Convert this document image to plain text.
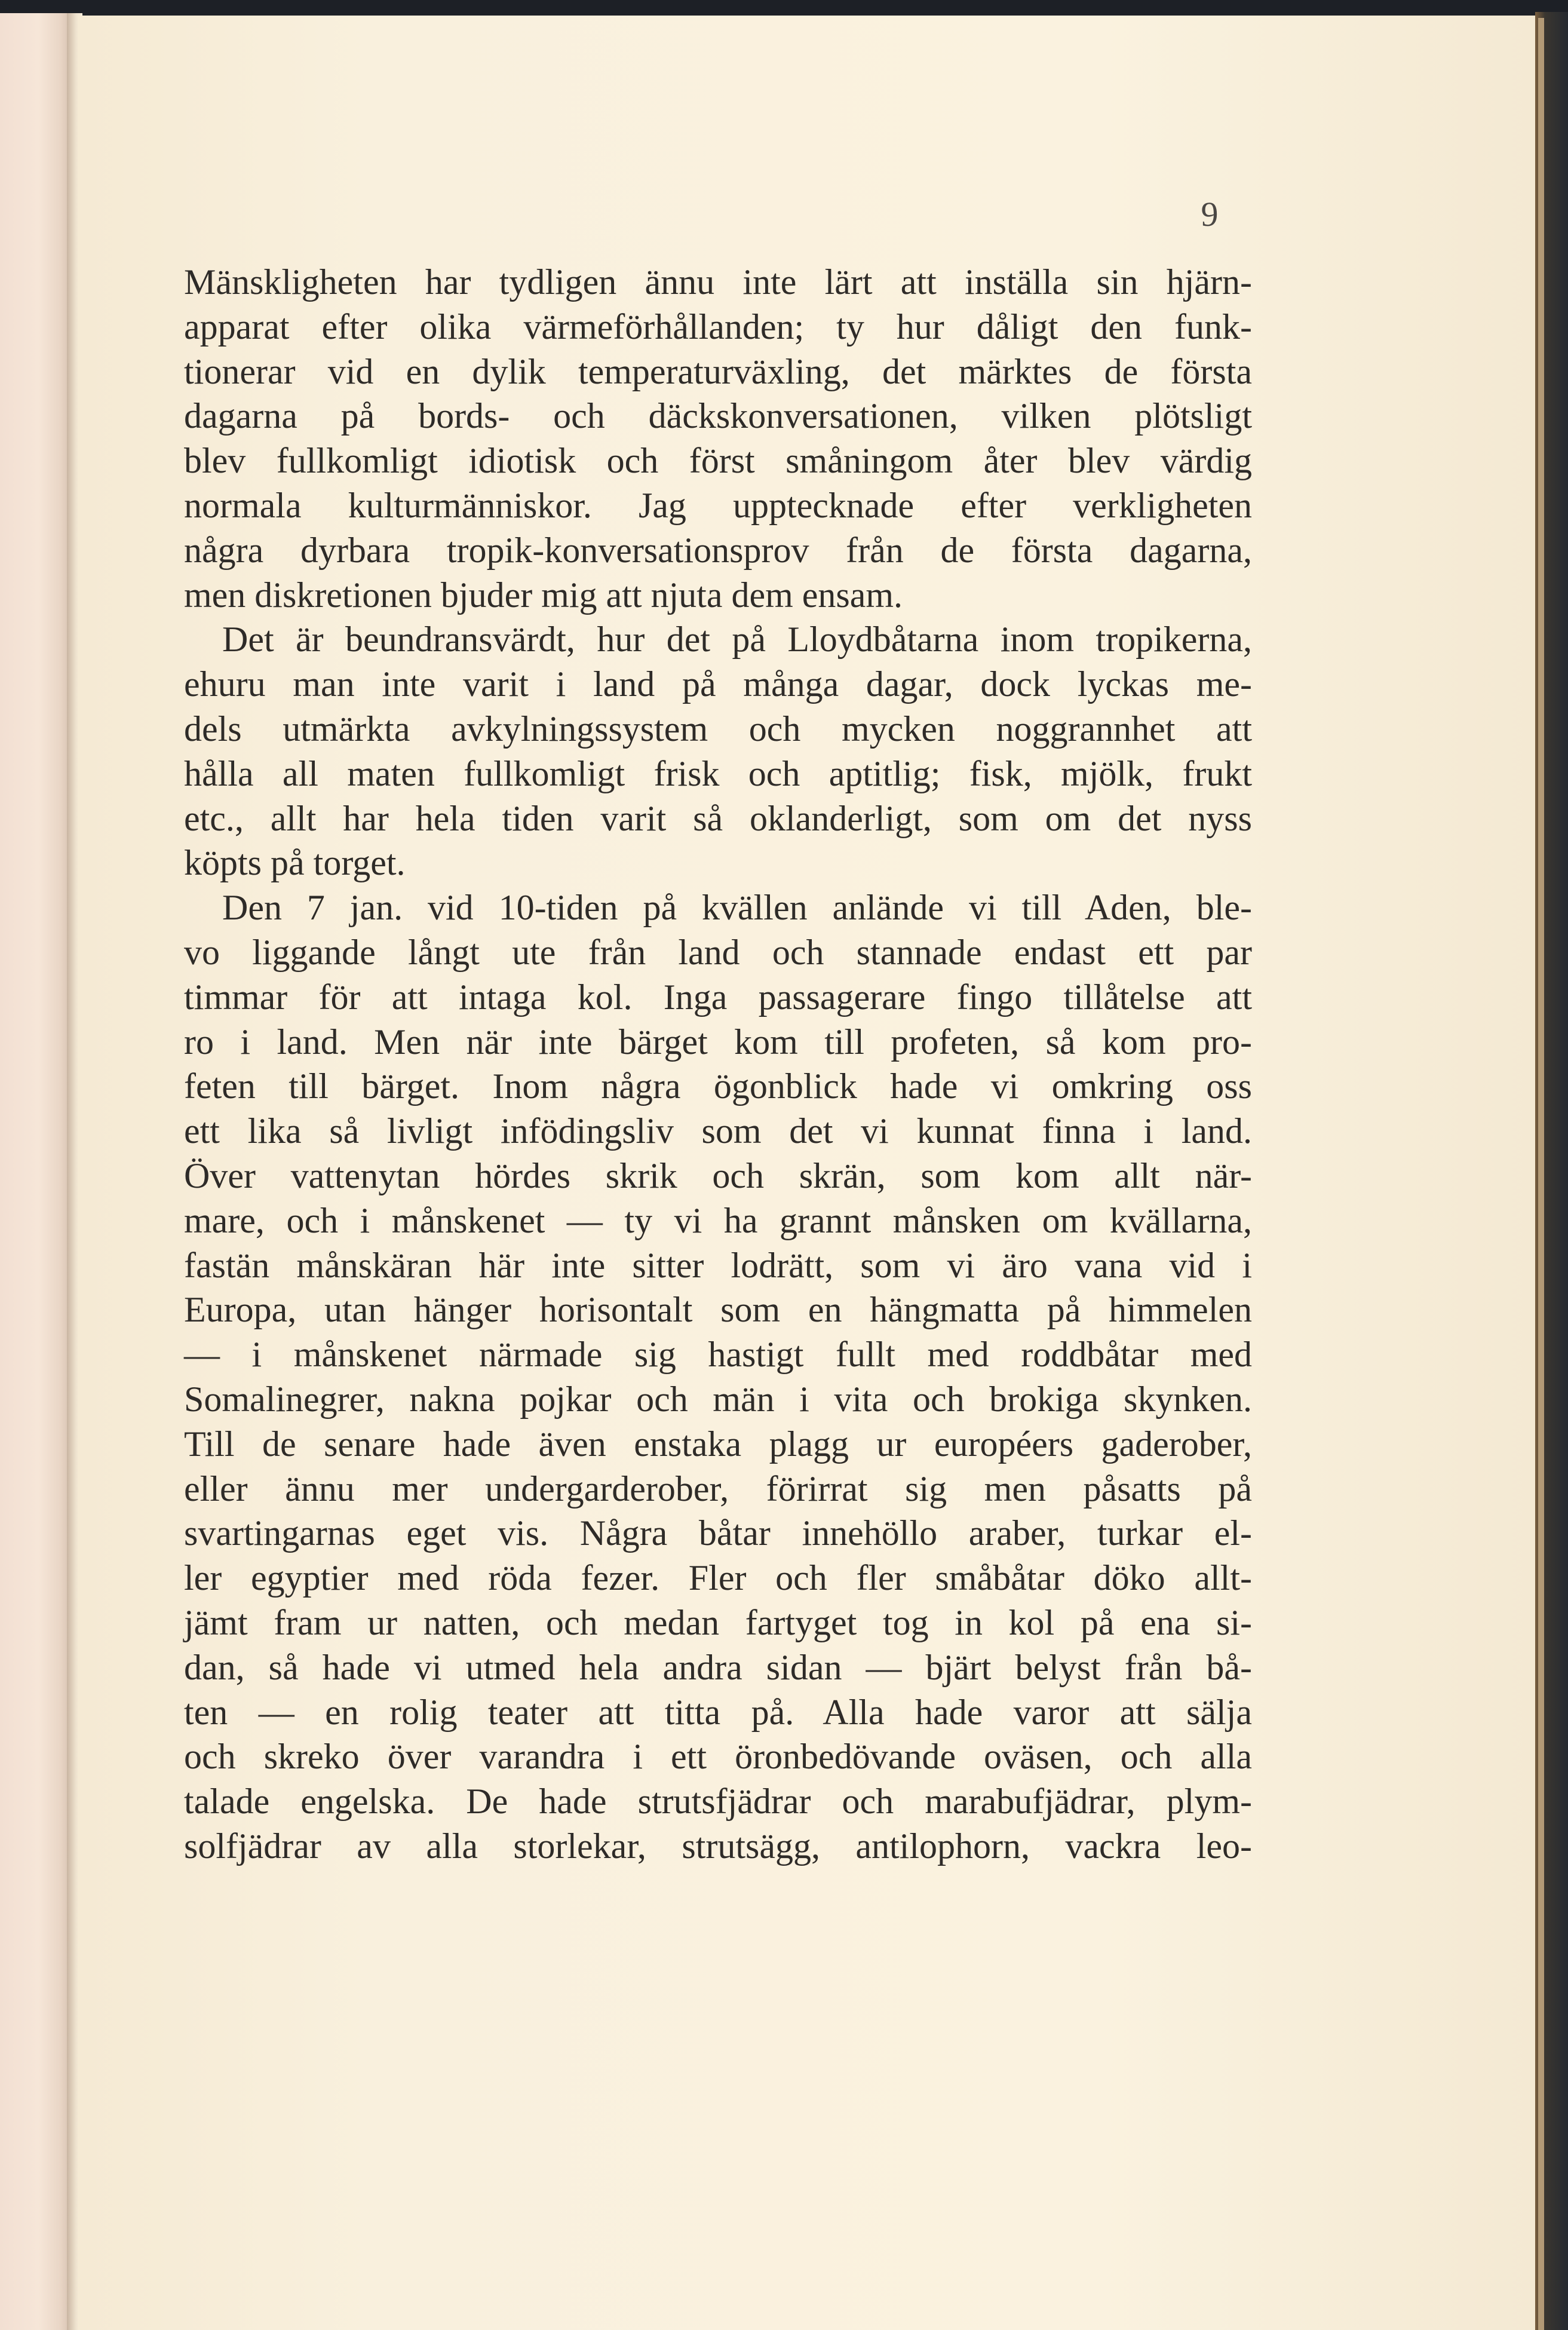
9
Mänskligheten har tydligen ännu inte lärt att inställa sin hjärn-
apparat efter olika värmeförhållanden; ty hur dåligt den funk-
tionerar vid en dylik temperaturväxling, det märktes de första
dagarna på bords- och däckskonversationen, vilken plötsligt
blev fullkomligt idiotisk och först småningom åter blev värdig
normala kulturmänniskor. Jag upptecknade efter verkligheten
några dyrbara tropik-konversationsprov från de första dagarna,
men diskretionen bjuder mig att njuta dem ensam.
Det är beundransvärdt, hur det på Lloydbåtarna inom tropikerna,
ehuru man inte varit i land på många dagar, dock lyckas me-
dels utmärkta avkylningssystem och mycken noggrannhet att
hålla all maten fullkomligt frisk och aptitlig; fisk, mjölk, frukt
etc., allt har hela tiden varit så oklanderligt, som om det nyss
köpts på torget.
Den 7 jan. vid 10-tiden på kvällen anlände vi till Aden, ble-
vo liggande långt ute från land och stannade endast ett par
timmar för att intaga kol. Inga passagerare fingo tillåtelse att
ro i land. Men när inte bärget kom till profeten, så kom pro-
feten till bärget. Inom några ögonblick hade vi omkring oss
ett lika så livligt infödingsliv som det vi kunnat finna i land.
Över vattenytan hördes skrik och skrän, som kom allt när-
mare, och i månskenet — ty vi ha grannt månsken om kvällarna,
fastän månskäran här inte sitter lodrätt, som vi äro vana vid i
Europa, utan hänger horisontalt som en hängmatta på himmelen
— i månskenet närmade sig hastigt fullt med roddbåtar med
Somalinegrer, nakna pojkar och män i vita och brokiga skynken.
Till de senare hade även enstaka plagg ur européers gaderober,
eller ännu mer undergarderober, förirrat sig men påsatts på
svartingarnas eget vis. Några båtar innehöllo araber, turkar el-
ler egyptier med röda fezer. Fler och fler småbåtar döko allt-
jämt fram ur natten, och medan fartyget tog in kol på ena si-
dan, så hade vi utmed hela andra sidan — bjärt belyst från bå-
ten — en rolig teater att titta på. Alla hade varor att sälja
och skreko över varandra i ett öronbedövande oväsen, och alla
talade engelska. De hade strutsfjädrar och marabufjädrar, plym-
solfjädrar av alla storlekar, strutsägg, antilophorn, vackra leo-
